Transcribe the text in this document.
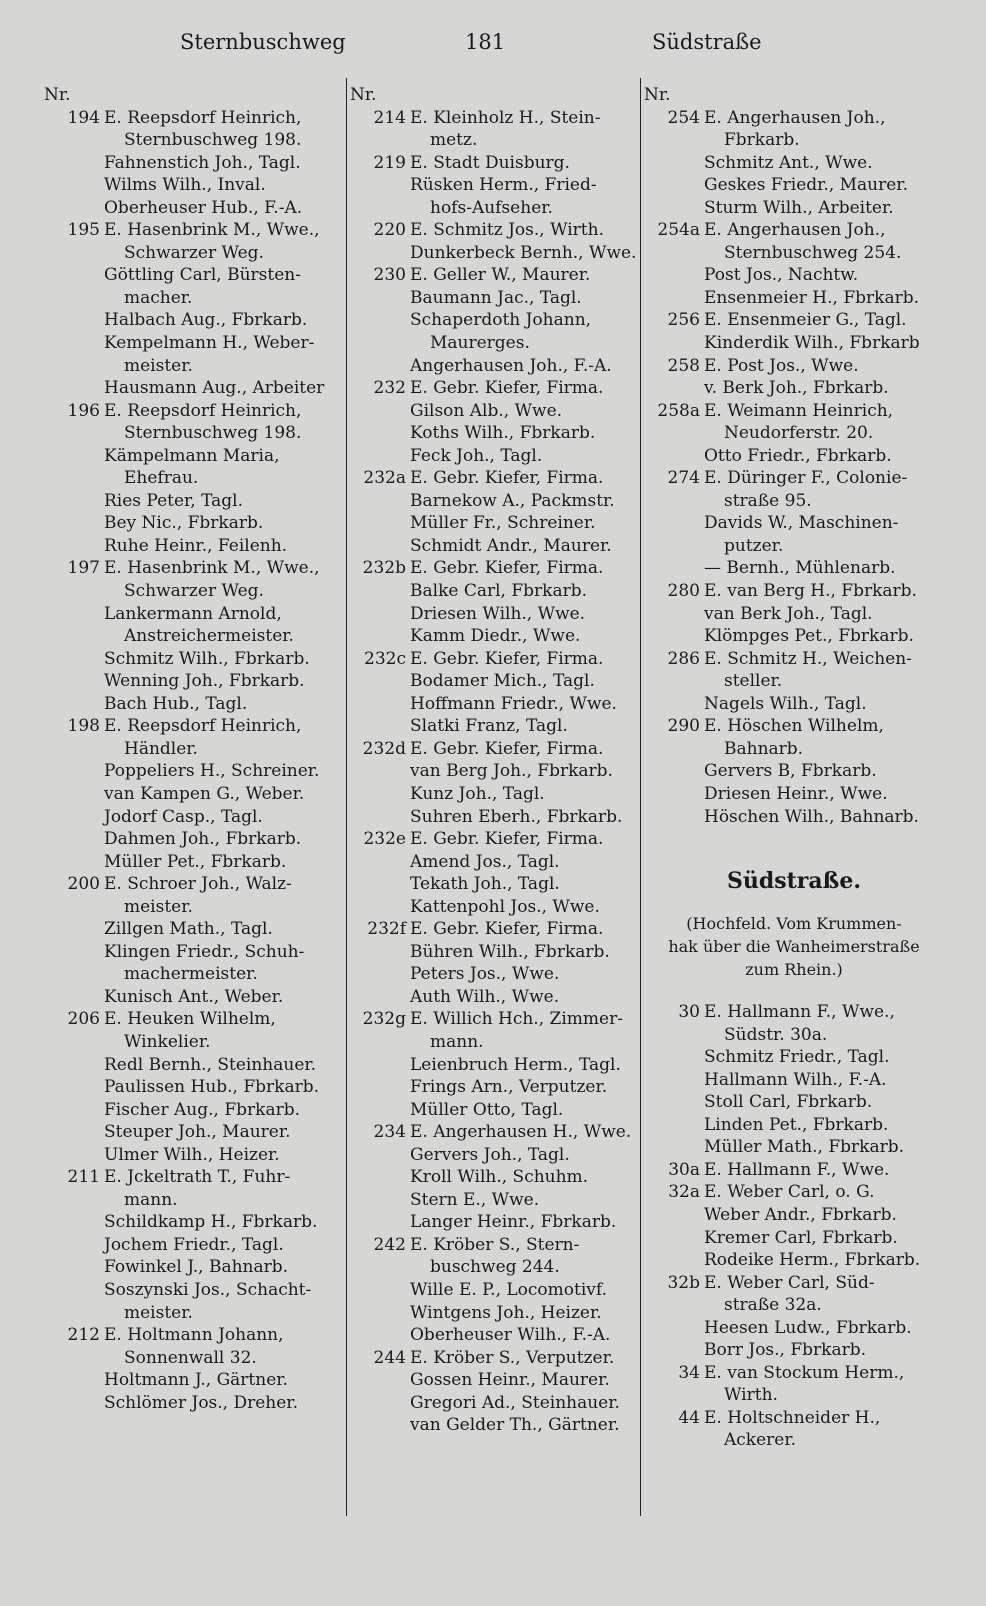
Sternbuschweg	181	Südstraße
Nr.
194 E. Reepsdorf Heinrich,
Sternbuschweg 198.
Fahnenstich Joh., Tagl.
Wilms Wilh., Inval.
Oberheuser Hub., F.-A.
195 E. Hasenbrink M., Wwe.,
Schwarzer Weg.
Göttling Carl, Bürsten-
macher.
Halbach Aug., Fbrkarb.
Kempelmann H., Weber-
meister.
Hausmann Aug., Arbeiter
196 E. Reepsdorf Heinrich,
Sternbuschweg 198.
Kämpelmann Maria,
Ehefrau.
Ries Peter, Tagl.
Bey Nic., Fbrkarb.
Ruhe Heinr., Feilenh.
197 E. Hasenbrink M., Wwe.,
Schwarzer Weg.
Lankermann Arnold,
Anstreichermeister.
Schmitz Wilh., Fbrkarb.
Wenning Joh., Fbrkarb.
Bach Hub., Tagl.
198 E. Reepsdorf Heinrich,
Händler.
Poppeliers H., Schreiner.
van Kampen G., Weber.
Jodorf Casp., Tagl.
Dahmen Joh., Fbrkarb.
Müller Pet., Fbrkarb.
200 E. Schroer Joh., Walz-
meister.
Zillgen Math., Tagl.
Klingen Friedr., Schuh-
machermeister.
Kunisch Ant., Weber.
206 E. Heuken Wilhelm,
Winkelier.
Redl Bernh., Steinhauer.
Paulissen Hub., Fbrkarb.
Fischer Aug., Fbrkarb.
Steuper Joh., Maurer.
Ulmer Wilh., Heizer.
211 E. Jckeltrath T., Fuhr-
mann.
Schildkamp H., Fbrkarb.
Jochem Friedr., Tagl.
Fowinkel J., Bahnarb.
Soszynski Jos., Schacht-
meister.
212 E. Holtmann Johann,
Sonnenwall 32.
Holtmann J., Gärtner.
Schlömer Jos., Dreher.
Nr.
214 E. Kleinholz H., Stein-
metz.
219 E. Stadt Duisburg.
Rüsken Herm., Fried-
hofs-Aufseher.
220 E. Schmitz Jos., Wirth.
Dunkerbeck Bernh., Wwe.
230 E. Geller W., Maurer.
Baumann Jac., Tagl.
Schaperdoth Johann,
Maurerges.
Angerhausen Joh., F.-A.
232 E. Gebr. Kiefer, Firma.
Gilson Alb., Wwe.
Koths Wilh., Fbrkarb.
Feck Joh., Tagl.
232a E. Gebr. Kiefer, Firma.
Barnekow A., Packmstr.
Müller Fr., Schreiner.
Schmidt Andr., Maurer.
232b E. Gebr. Kiefer, Firma.
Balke Carl, Fbrkarb.
Driesen Wilh., Wwe.
Kamm Diedr., Wwe.
232c E. Gebr. Kiefer, Firma.
Bodamer Mich., Tagl.
Hoffmann Friedr., Wwe.
Slatki Franz, Tagl.
232d E. Gebr. Kiefer, Firma.
van Berg Joh., Fbrkarb.
Kunz Joh., Tagl.
Suhren Eberh., Fbrkarb.
232e E. Gebr. Kiefer, Firma.
Amend Jos., Tagl.
Tekath Joh., Tagl.
Kattenpohl Jos., Wwe.
232f E. Gebr. Kiefer, Firma.
Bühren Wilh., Fbrkarb.
Peters Jos., Wwe.
Auth Wilh., Wwe.
232g E. Willich Hch., Zimmer-
mann.
Leienbruch Herm., Tagl.
Frings Arn., Verputzer.
Müller Otto, Tagl.
234 E. Angerhausen H., Wwe.
Gervers Joh., Tagl.
Kroll Wilh., Schuhm.
Stern E., Wwe.
Langer Heinr., Fbrkarb.
242 E. Kröber S., Stern-
buschweg 244.
Wille E. P., Locomotivf.
Wintgens Joh., Heizer.
Oberheuser Wilh., F.-A.
244 E. Kröber S., Verputzer.
Gossen Heinr., Maurer.
Gregori Ad., Steinhauer.
van Gelder Th., Gärtner.
Nr.
254 E. Angerhausen Joh.,
Fbrkarb.
Schmitz Ant., Wwe.
Geskes Friedr., Maurer.
Sturm Wilh., Arbeiter.
254a E. Angerhausen Joh.,
Sternbuschweg 254.
Post Jos., Nachtw.
Ensenmeier H., Fbrkarb.
256 E. Ensenmeier G., Tagl.
Kinderdik Wilh., Fbrkarb
258 E. Post Jos., Wwe.
v. Berk Joh., Fbrkarb.
258a E. Weimann Heinrich,
Neudorferstr. 20.
Otto Friedr., Fbrkarb.
274 E. Düringer F., Colonie-
straße 95.
Davids W., Maschinen-
putzer.
— Bernh., Mühlenarb.
280 E. van Berg H., Fbrkarb.
van Berk Joh., Tagl.
Klömpges Pet., Fbrkarb.
286 E. Schmitz H., Weichen-
steller.
Nagels Wilh., Tagl.
290 E. Höschen Wilhelm,
Bahnarb.
Gervers B, Fbrkarb.
Driesen Heinr., Wwe.
Höschen Wilh., Bahnarb.
Südstraße.
(Hochfeld. Vom Krummen-
hak über die Wanheimerstraße
zum Rhein.)
30 E. Hallmann F., Wwe.,
Südstr. 30a.
Schmitz Friedr., Tagl.
Hallmann Wilh., F.-A.
Stoll Carl, Fbrkarb.
Linden Pet., Fbrkarb.
Müller Math., Fbrkarb.
30a E. Hallmann F., Wwe.
32a E. Weber Carl, o. G.
Weber Andr., Fbrkarb.
Kremer Carl, Fbrkarb.
Rodeike Herm., Fbrkarb.
32b E. Weber Carl, Süd-
straße 32a.
Heesen Ludw., Fbrkarb.
Borr Jos., Fbrkarb.
34 E. van Stockum Herm.,
Wirth.
44 E. Holtschneider H.,
Ackerer.
